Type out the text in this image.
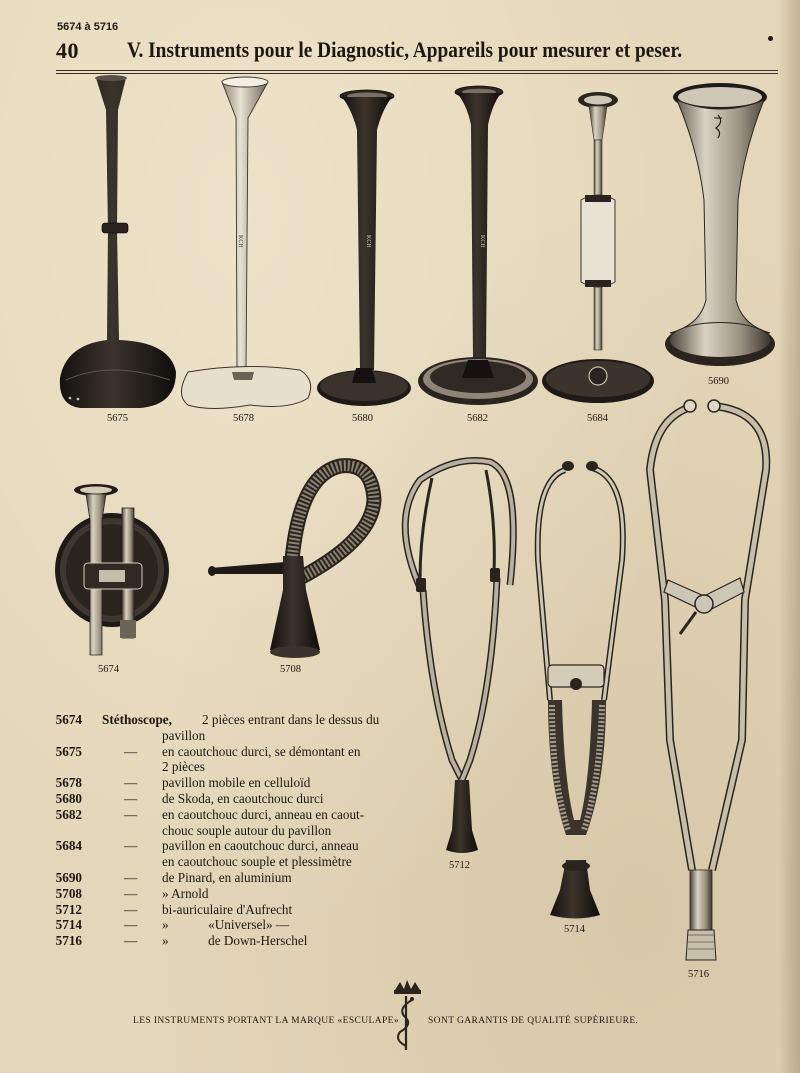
5674 à 5716
40 V. Instruments pour le Diagnostic, Appareils pour mesurer et peser.
KCH	KCH	KCH
5675	5678	5680	5682	5684
5690
5674	5708
5712
5714
5716
5674 Stéthoscope, 2 pièces entrant dans le dessus du
pavillon
5675	— en caoutchouc durci, se démontant en
2 pièces
5678	— pavillon mobile en celluloïd
5680	— de Skoda, en caoutchouc durci
5682	— en caoutchouc durci, anneau en caout-
chouc souple autour du pavillon
5684	— pavillon en caoutchouc durci, anneau
en caoutchouc souple et plessimètre
5690	— de Pinard, en aluminium
5708	— » Arnold
5712	— bi-auriculaire d'Aufrecht
5714	— »            «Universel» —
5716	— »            de Down-Herschel
LES INSTRUMENTS PORTANT LA MARQUE «ESCULAPE»	SONT GARANTIS DE QUALITÉ SUPÉRIEURE.
